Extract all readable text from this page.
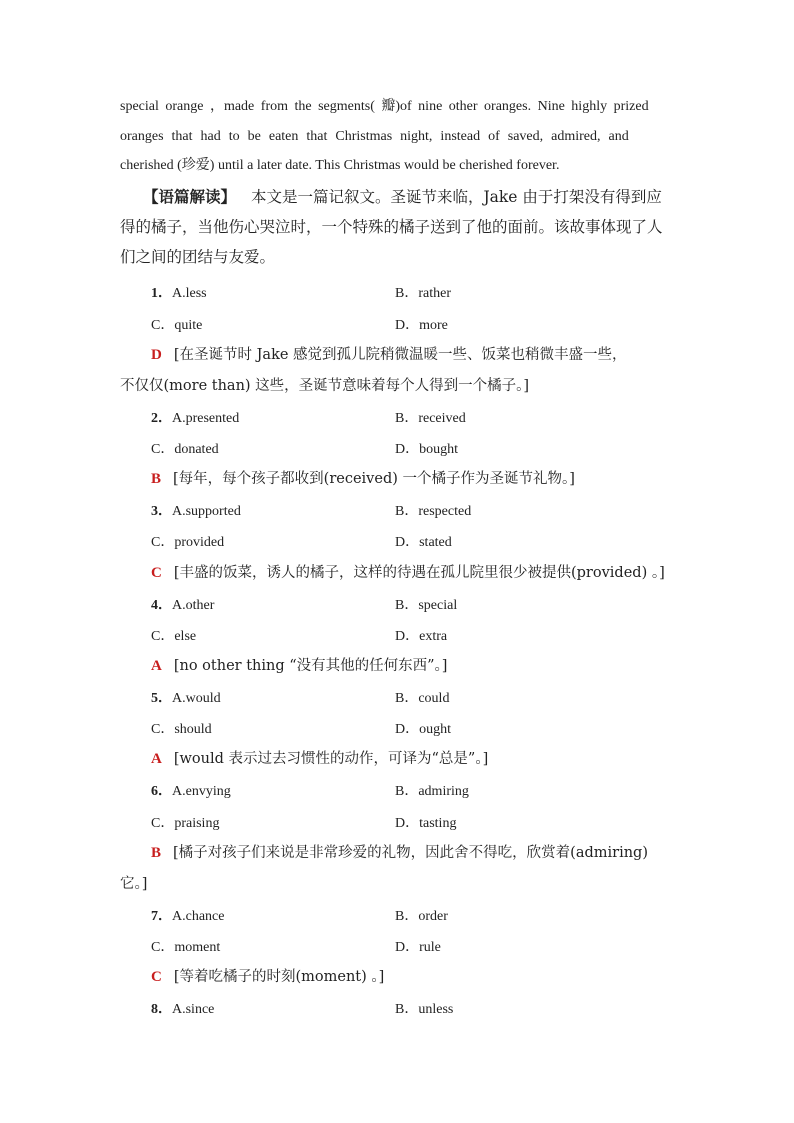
special orange ，made from the segments( 瓣)of nine other oranges. Nine highly prized
oranges that had to be eaten that Christmas night, instead of saved, admired, and
cherished (珍爱) until a later date. This Christmas would be cherished forever.
【语篇解读】 本文是一篇记叙文。圣诞节来临，Jake 由于打架没有得到应
得的橘子，当他伤心哭泣时，一个特殊的橘子送到了他的面前。该故事体现了人
们之间的团结与友爱。
1．A.less	B．rather
C．quite	D．more
D [在圣诞节时 Jake 感觉到孤儿院稍微温暖一些、饭菜也稍微丰盛一些，
不仅仅(more than) 这些，圣诞节意味着每个人得到一个橘子。]
2．A.presented	B．received
C．donated	D．bought
B [每年，每个孩子都收到(received) 一个橘子作为圣诞节礼物。]
3．A.supported	B．respected
C．provided	D．stated
C [丰盛的饭菜，诱人的橘子，这样的待遇在孤儿院里很少被提供(provided) 。]
4．A.other	B．special
C．else	D．extra
A [no other thing “没有其他的任何东西”。]
5．A.would	B．could
C．should	D．ought
A [would 表示过去习惯性的动作，可译为“总是”。]
6．A.envying	B．admiring
C．praising	D．tasting
B [橘子对孩子们来说是非常珍爱的礼物，因此舍不得吃，欣赏着(admiring)
它。]
7．A.chance	B．order
C．moment	D．rule
C [等着吃橘子的时刻(moment) 。]
8．A.since	B．unless
